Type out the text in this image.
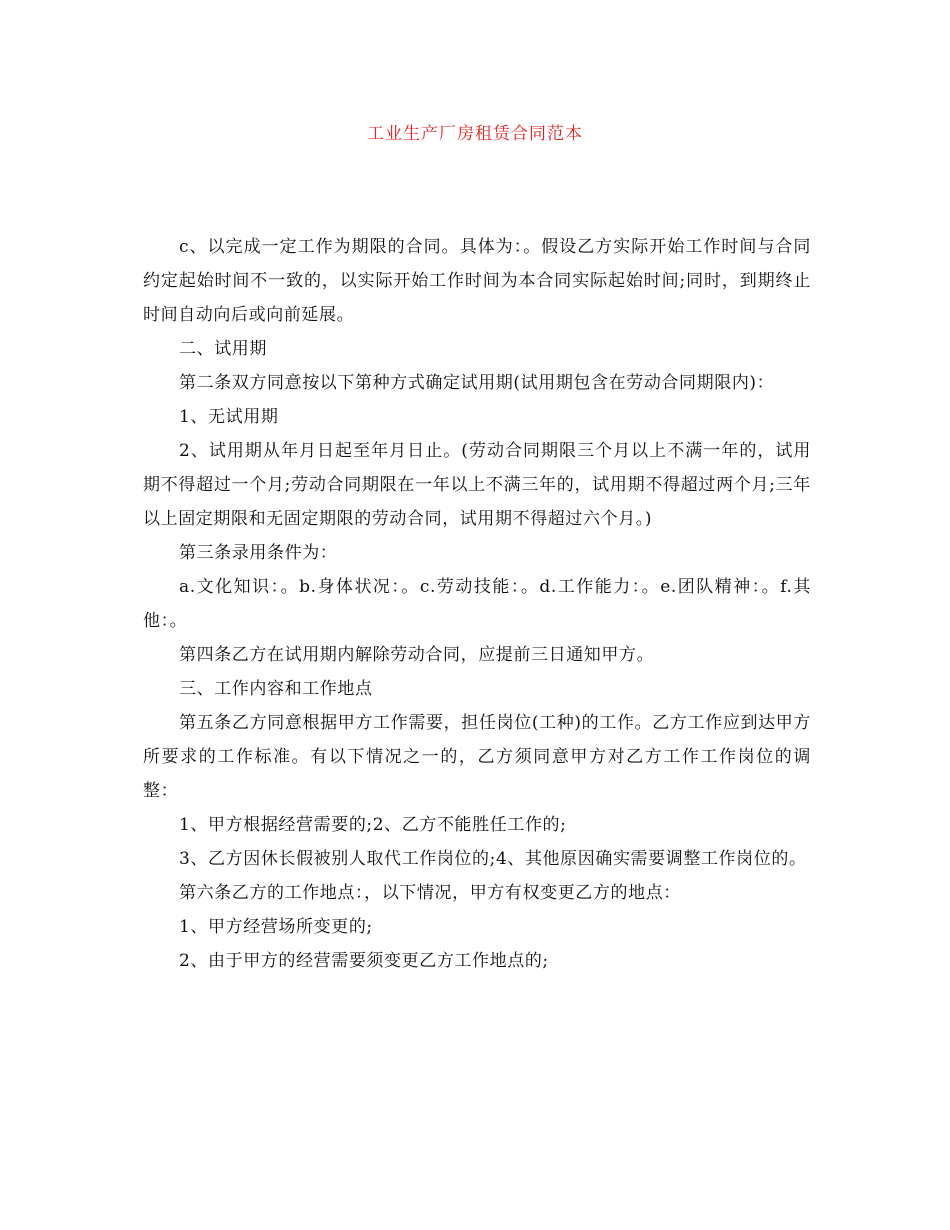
工业生产厂房租赁合同范本

c、以完成一定工作为期限的合同。具体为：。假设乙方实际开始工作时间与合同约定起始时间不一致的，以实际开始工作时间为本合同实际起始时间;同时，到期终止时间自动向后或向前延展。

二、试用期

第二条双方同意按以下第种方式确定试用期(试用期包含在劳动合同期限内)：

1、无试用期

2、试用期从年月日起至年月日止。(劳动合同期限三个月以上不满一年的，试用期不得超过一个月;劳动合同期限在一年以上不满三年的，试用期不得超过两个月;三年以上固定期限和无固定期限的劳动合同，试用期不得超过六个月。)

第三条录用条件为：

a.文化知识：。b.身体状况：。c.劳动技能：。d.工作能力：。e.团队精神：。f.其他：。

第四条乙方在试用期内解除劳动合同，应提前三日通知甲方。

三、工作内容和工作地点

第五条乙方同意根据甲方工作需要，担任岗位(工种)的工作。乙方工作应到达甲方所要求的工作标准。有以下情况之一的，乙方须同意甲方对乙方工作工作岗位的调整：

1、甲方根据经营需要的;2、乙方不能胜任工作的;

3、乙方因休长假被别人取代工作岗位的;4、其他原因确实需要调整工作岗位的。

第六条乙方的工作地点：，以下情况，甲方有权变更乙方的地点：

1、甲方经营场所变更的;

2、由于甲方的经营需要须变更乙方工作地点的;
